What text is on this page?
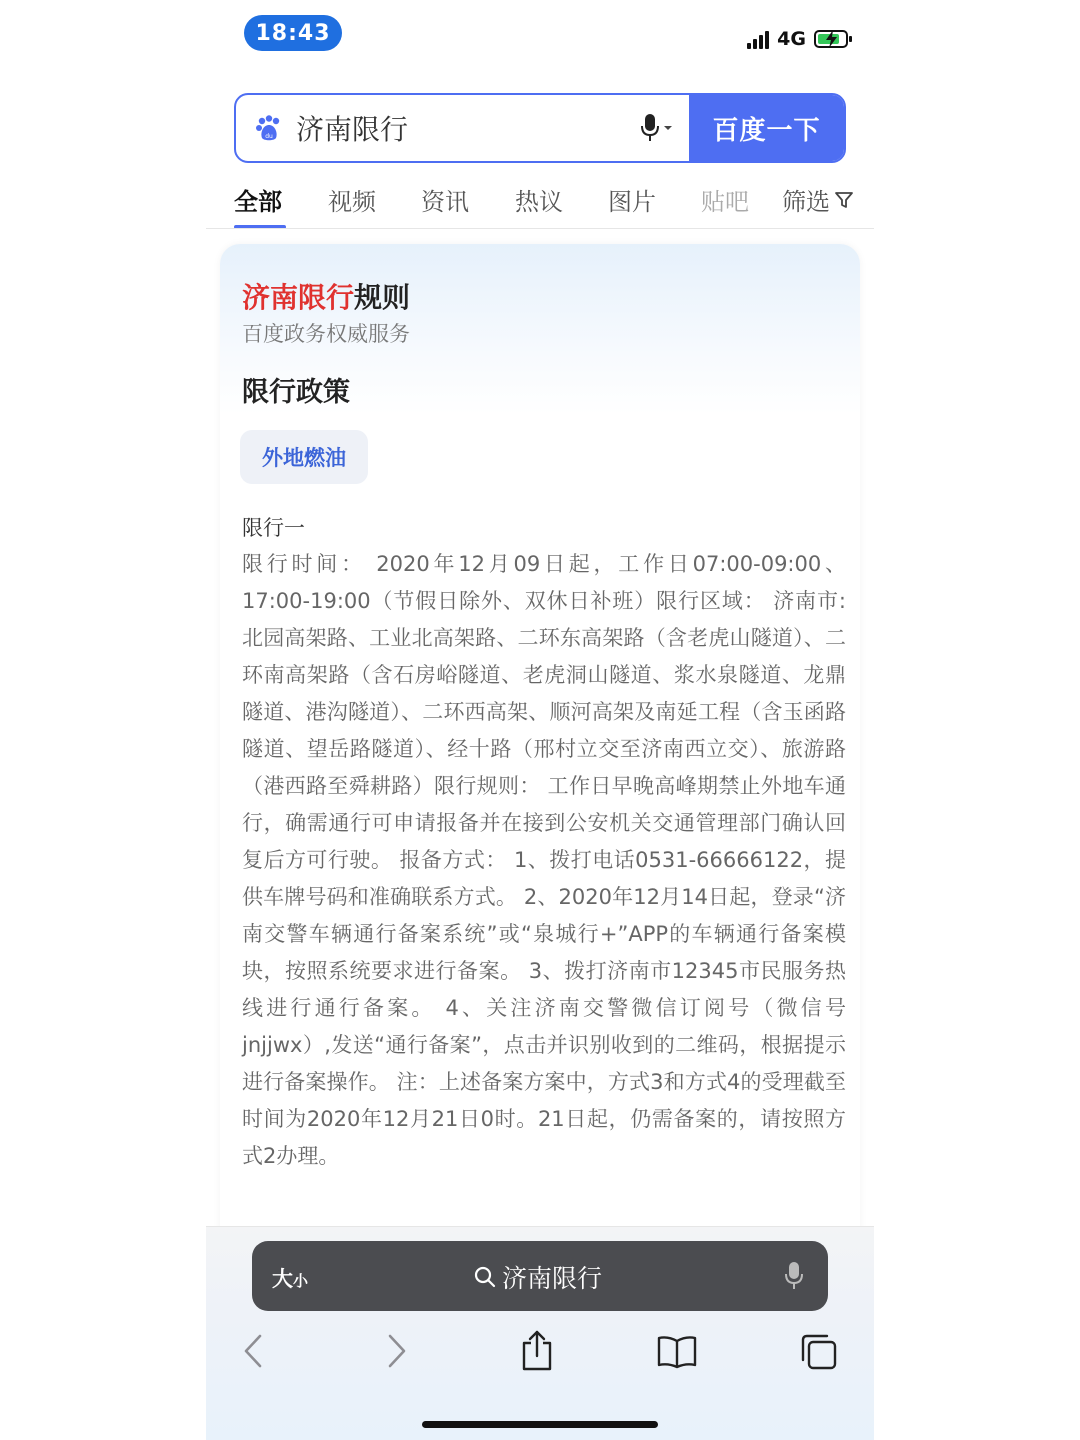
18:43	4G
du 济南限行	百度一下
全部 视频 资讯 热议 图片 贴吧 筛选
济南限行规则
百度政务权威服务
限行政策
外地燃油
限行一
限行时间： 2020年12月09日起，工作日07:00-09:00、17:00-19:00（节假日除外、双休日补班）限行区域： 济南市: 北园高架路、工业北高架路、二环东高架路（含老虎山隧道）、二环南高架路（含石房峪隧道、老虎洞山隧道、浆水泉隧道、龙鼎隧道、港沟隧道）、二环西高架、顺河高架及南延工程（含玉函路隧道、望岳路隧道）、经十路（邢村立交至济南西立交）、旅游路（港西路至舜耕路）限行规则： 工作日早晚高峰期禁止外地车通行，确需通行可申请报备并在接到公安机关交通管理部门确认回复后方可行驶。 报备方式： 1、拨打电话0531-66666122，提供车牌号码和准确联系方式。 2、2020年12月14日起，登录“济南交警车辆通行备案系统”或“泉城行+”APP的车辆通行备案模块，按照系统要求进行备案。 3、拨打济南市12345市民服务热线进行通行备案。 4、关注济南交警微信订阅号（微信号jnjjwx）,发送“通行备案”，点击并识别收到的二维码，根据提示进行备案操作。 注：上述备案方案中，方式3和方式4的受理截至时间为2020年12月21日0时。21日起，仍需备案的，请按照方式2办理。
大小	济南限行
